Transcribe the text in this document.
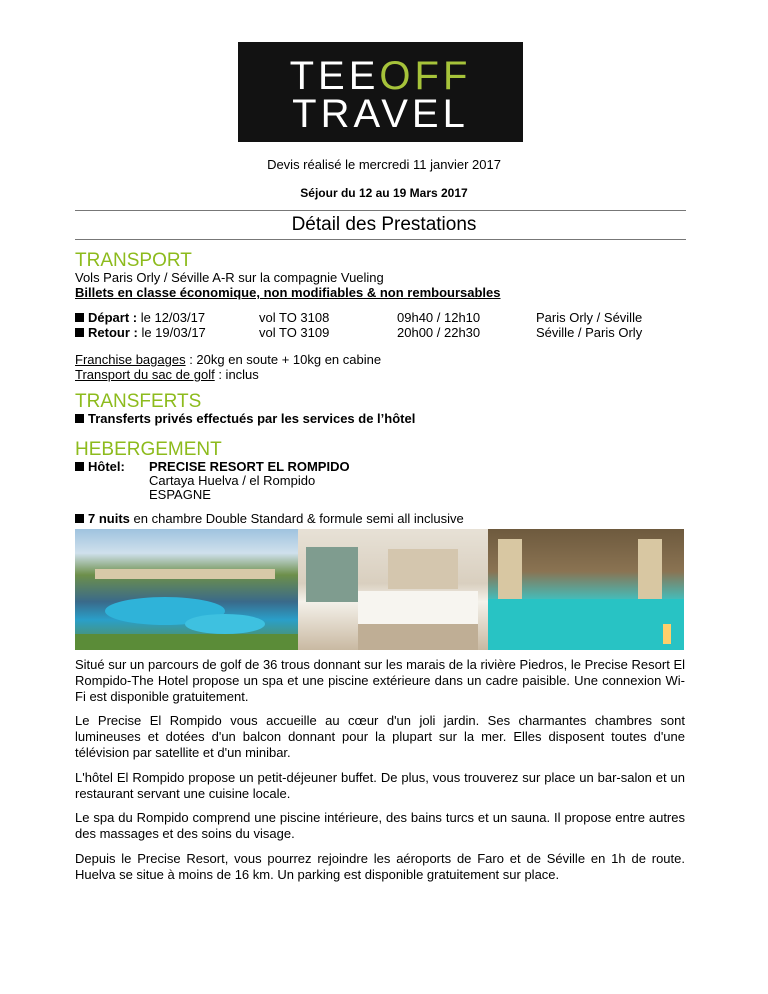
TEEOFF
TRAVEL
Devis réalisé le mercredi 11 janvier 2017
Séjour du 12 au 19 Mars 2017
Détail des Prestations
TRANSPORT
Vols Paris Orly / Séville A-R sur la compagnie Vueling
Billets en classe économique, non modifiables & non remboursables
Départ : le 12/03/17	vol TO 3108	09h40 / 12h10	Paris Orly / Séville
Retour : le 19/03/17	vol TO 3109	20h00 / 22h30	Séville / Paris Orly
Franchise bagages : 20kg en soute + 10kg en cabine
Transport du sac de golf : inclus
TRANSFERTS
Transferts privés effectués par les services de l’hôtel
HEBERGEMENT
Hôtel: PRECISE RESORT EL ROMPIDO
Cartaya Huelva / el Rompido
ESPAGNE
7 nuits en chambre Double Standard & formule semi all inclusive
Situé sur un parcours de golf de 36 trous donnant sur les marais de la rivière Piedros, le Precise Resort El Rompido-The Hotel propose un spa et une piscine extérieure dans un cadre paisible. Une connexion Wi-Fi est disponible gratuitement.
Le Precise El Rompido vous accueille au cœur d'un joli jardin. Ses charmantes chambres sont lumineuses et dotées d'un balcon donnant pour la plupart sur la mer. Elles disposent toutes d'une télévision par satellite et d'un minibar.
L'hôtel El Rompido propose un petit-déjeuner buffet. De plus, vous trouverez sur place un bar-salon et un restaurant servant une cuisine locale.
Le spa du Rompido comprend une piscine intérieure, des bains turcs et un sauna. Il propose entre autres des massages et des soins du visage.
Depuis le Precise Resort, vous pourrez rejoindre les aéroports de Faro et de Séville en 1h de route. Huelva se situe à moins de 16 km. Un parking est disponible gratuitement sur place.
